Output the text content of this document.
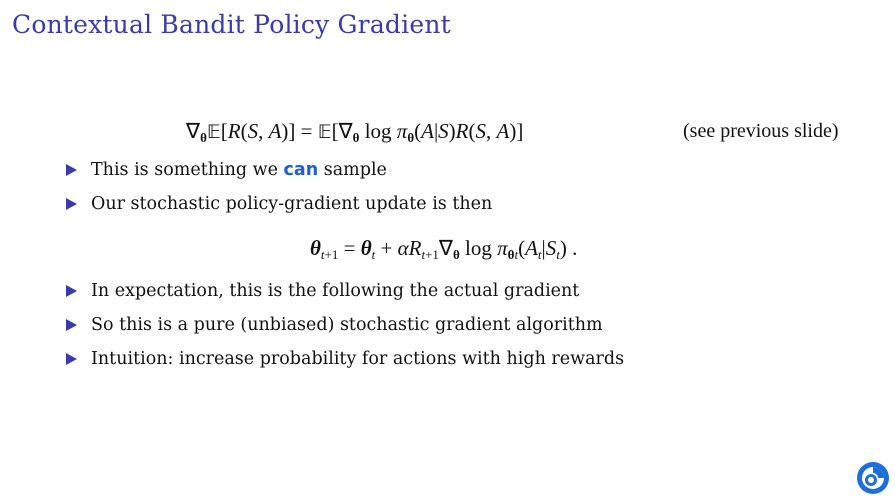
Contextual Bandit Policy Gradient
$\nabla_\theta 𝔼[R(S$, $A)] = 𝔼[\nabla_\theta$ $\log \pi_\theta(A|S)R(S$, A)]	(see previous slide)
This is something we can sample
Our stochastic policy-gradient update is then
$\theta_{t+1} = \theta_t + \alpha R_{t+1}\nabla_\theta$ $\log \pi_{\theta t}(A_t|S_t)$ .
In expectation, this is the following the actual gradient
So this is a pure (unbiased) stochastic gradient algorithm
Intuition: increase probability for actions with high rewards
